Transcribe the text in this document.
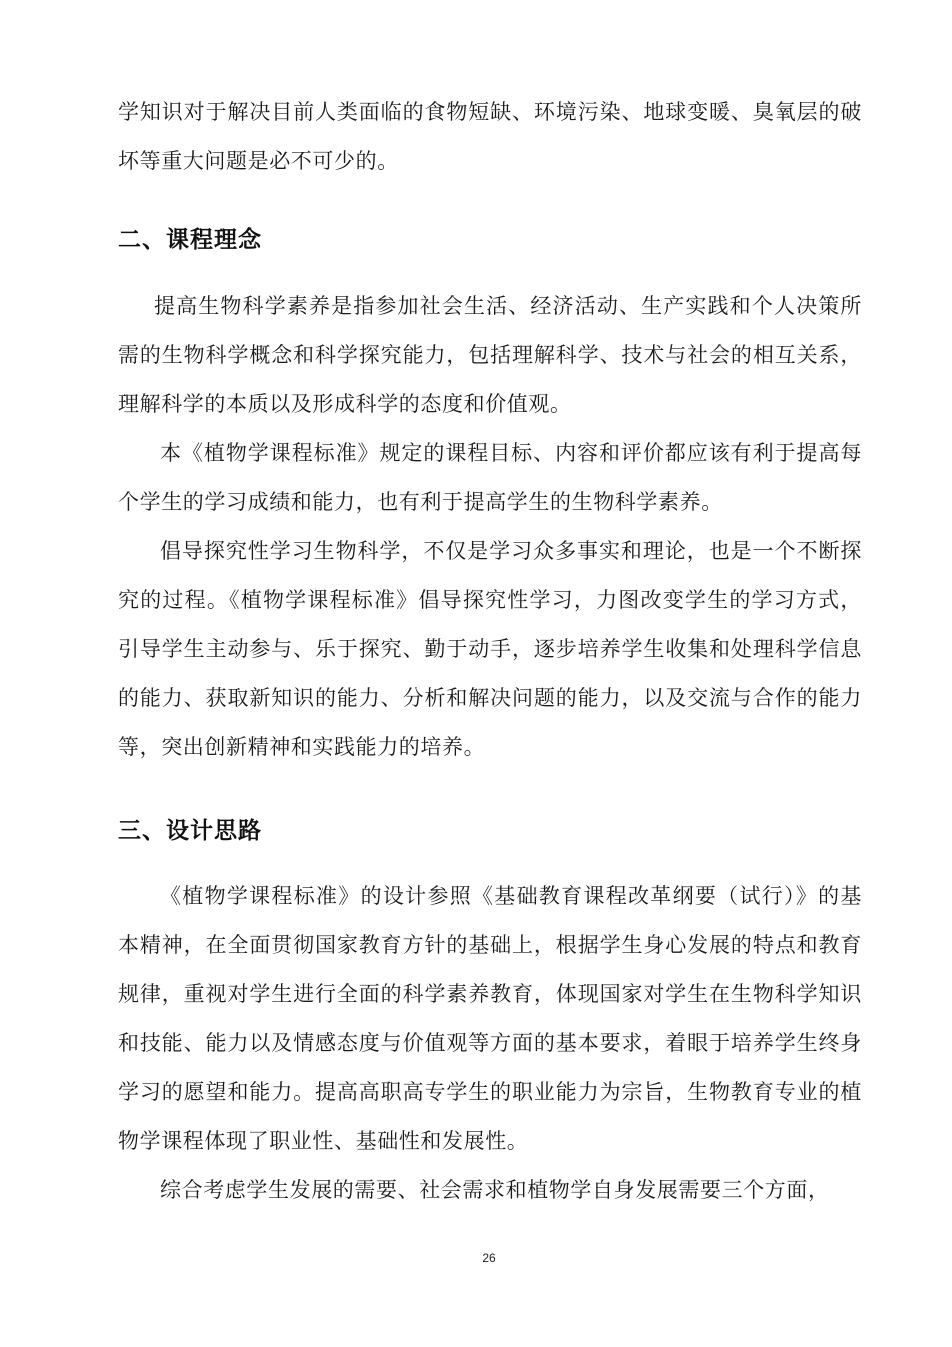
学知识对于解决目前人类面临的食物短缺、环境污染、地球变暖、臭氧层的破坏等重大问题是必不可少的。

二、课程理念

提高生物科学素养是指参加社会生活、经济活动、生产实践和个人决策所需的生物科学概念和科学探究能力，包括理解科学、技术与社会的相互关系，理解科学的本质以及形成科学的态度和价值观。

本《植物学课程标准》规定的课程目标、内容和评价都应该有利于提高每个学生的学习成绩和能力，也有利于提高学生的生物科学素养。

倡导探究性学习生物科学，不仅是学习众多事实和理论，也是一个不断探究的过程。《植物学课程标准》倡导探究性学习，力图改变学生的学习方式，引导学生主动参与、乐于探究、勤于动手，逐步培养学生收集和处理科学信息的能力、获取新知识的能力、分析和解决问题的能力，以及交流与合作的能力等，突出创新精神和实践能力的培养。

三、设计思路

《植物学课程标准》的设计参照《基础教育课程改革纲要（试行）》的基本精神，在全面贯彻国家教育方针的基础上，根据学生身心发展的特点和教育规律，重视对学生进行全面的科学素养教育，体现国家对学生在生物科学知识和技能、能力以及情感态度与价值观等方面的基本要求，着眼于培养学生终身学习的愿望和能力。提高高职高专学生的职业能力为宗旨，生物教育专业的植物学课程体现了职业性、基础性和发展性。

综合考虑学生发展的需要、社会需求和植物学自身发展需要三个方面，

26
